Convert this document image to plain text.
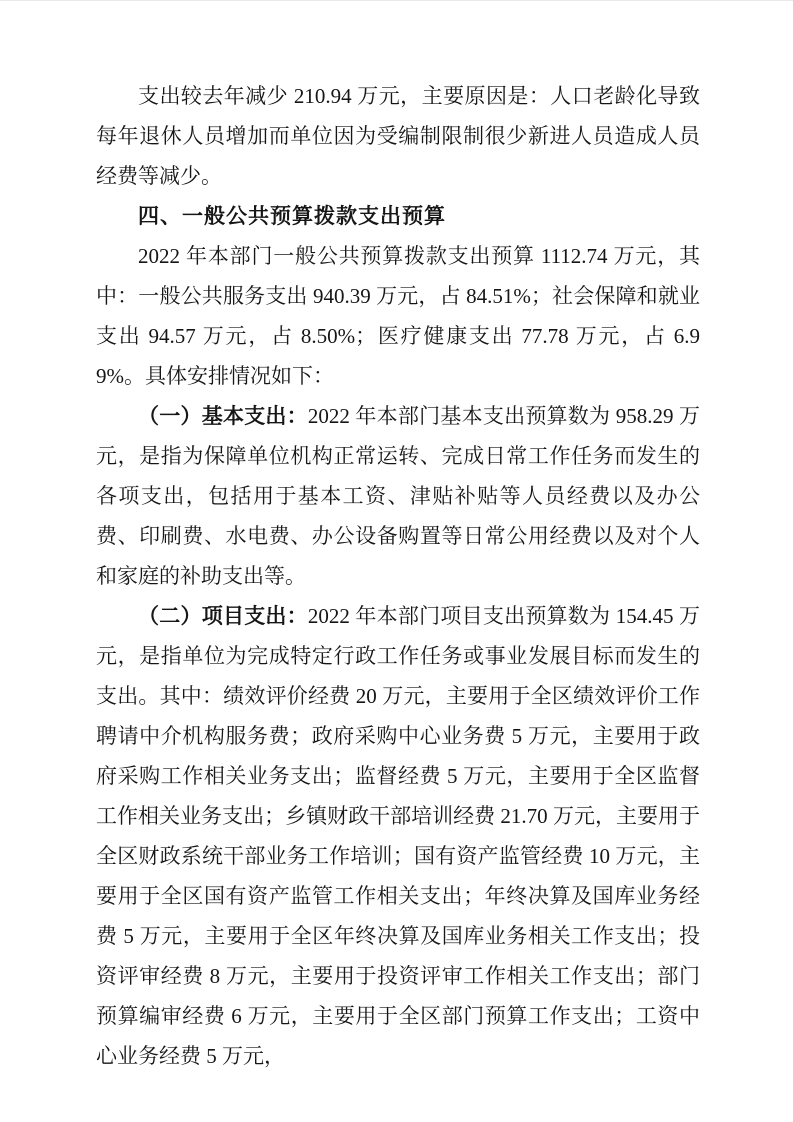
支出较去年减少 210.94 万元，主要原因是：人口老龄化导致每年退休人员增加而单位因为受编制限制很少新进人员造成人员经费等减少。

四、一般公共预算拨款支出预算

2022 年本部门一般公共预算拨款支出预算 1112.74 万元，其中：一般公共服务支出 940.39 万元，占 84.51%；社会保障和就业支出 94.57 万元，占 8.50%；医疗健康支出 77.78 万元，占 6.99%。具体安排情况如下：

（一）基本支出：2022 年本部门基本支出预算数为 958.29 万元，是指为保障单位机构正常运转、完成日常工作任务而发生的各项支出，包括用于基本工资、津贴补贴等人员经费以及办公费、印刷费、水电费、办公设备购置等日常公用经费以及对个人和家庭的补助支出等。

（二）项目支出：2022 年本部门项目支出预算数为 154.45 万元，是指单位为完成特定行政工作任务或事业发展目标而发生的支出。其中：绩效评价经费 20 万元，主要用于全区绩效评价工作聘请中介机构服务费；政府采购中心业务费 5 万元，主要用于政府采购工作相关业务支出；监督经费 5 万元，主要用于全区监督工作相关业务支出；乡镇财政干部培训经费 21.70 万元，主要用于全区财政系统干部业务工作培训；国有资产监管经费 10 万元，主要用于全区国有资产监管工作相关支出；年终决算及国库业务经费 5 万元，主要用于全区年终决算及国库业务相关工作支出；投资评审经费 8 万元，主要用于投资评审工作相关工作支出；部门预算编审经费 6 万元，主要用于全区部门预算工作支出；工资中心业务经费 5 万元，
